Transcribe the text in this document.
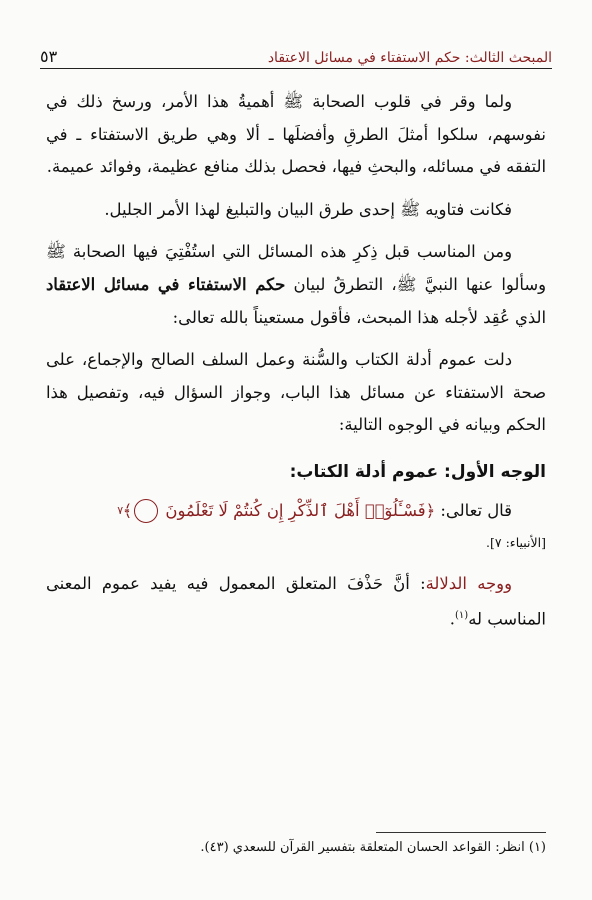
المبحث الثالث: حكم الاستفتاء في مسائل الاعتقاد
٥٣

ولما وقر في قلوب الصحابة ﷺ أهميةُ هذا الأمر، ورسخ ذلك في نفوسهم، سلكوا أمثلَ الطرقِ وأفضلَها ـ ألا وهي طريق الاستفتاء ـ في التفقه في مسائله، والبحثِ فيها، فحصل بذلك منافع عظيمة، وفوائد عميمة.

فكانت فتاويه ﷺ إحدى طرق البيان والتبليغ لهذا الأمر الجليل.

ومن المناسب قبل ذِكرِ هذه المسائل التي استُفْتِيَ فيها الصحابة ﷺ وسألوا عنها النبيَّ ﷺ، التطرقُ لبيان حكم الاستفتاء في مسائل الاعتقاد الذي عُقِد لأجله هذا المبحث، فأقول مستعيناً بالله تعالى:

دلت عموم أدلة الكتاب والسُّنة وعمل السلف الصالح والإجماع، على صحة الاستفتاء عن مسائل هذا الباب، وجواز السؤال فيه، وتفصيل هذا الحكم وبيانه في الوجوه التالية:

الوجه الأول: عموم أدلة الكتاب:

قال تعالى: ﴿فَسْـَٔلُوٓا۟ أَهْلَ ٱلذِّكْرِ إِن كُنتُمْ لَا تَعْلَمُونَ ٧﴾

[الأنبياء: ٧].

ووجه الدلالة: أنَّ حَذْفَ المتعلق المعمول فيه يفيد عموم المعنى المناسب له$^{(١)}$.

(١) انظر: القواعد الحسان المتعلقة بتفسير القرآن للسعدي (٤٣).
